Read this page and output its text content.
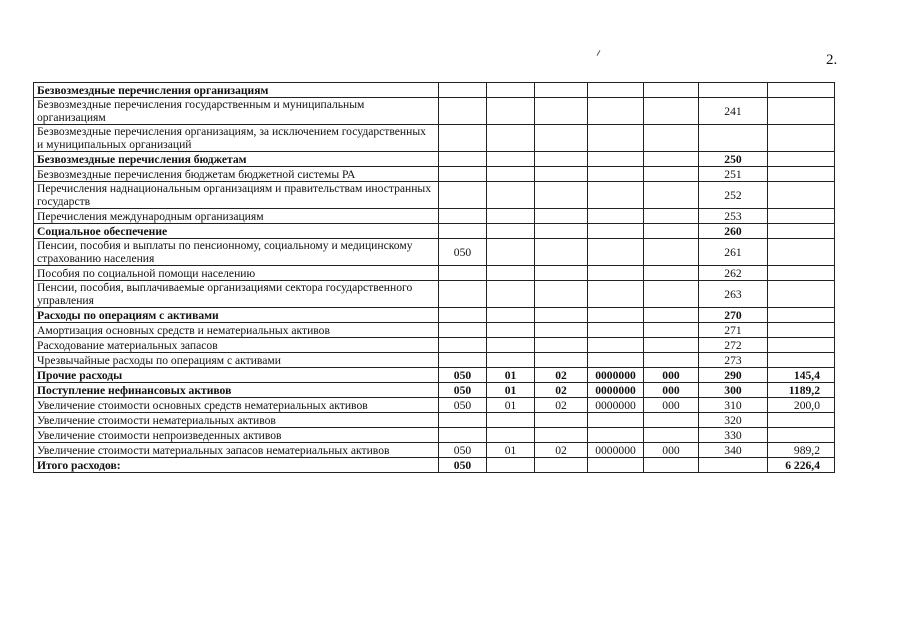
2.
Безвозмездные перечисления организациям							
Безвозмездные перечисления государственным и муниципальным организациям						241	
Безвозмездные перечисления организациям, за исключением государственных и муниципальных организаций							
Безвозмездные перечисления бюджетам						250	
Безвозмездные перечисления бюджетам бюджетной системы РА						251	
Перечисления наднациональным организациям и правительствам иностранных государств						252	
Перечисления международным организациям						253	
Социальное обеспечение						260	
Пенсии, пособия и выплаты по пенсионному, социальному и медицинскому страхованию населения	050					261	
Пособия по социальной помощи населению						262	
Пенсии, пособия, выплачиваемые организациями сектора государственного управления						263	
Расходы по операциям с активами						270	
Амортизация основных средств и нематериальных активов						271	
Расходование материальных запасов						272	
Чрезвычайные расходы по операциям с активами						273	
Прочие расходы	050	01	02	0000000	000	290	145,4
Поступление нефинансовых активов	050	01	02	0000000	000	300	1189,2
Увеличение стоимости основных средств нематериальных активов	050	01	02	0000000	000	310	200,0
Увеличение стоимости нематериальных активов						320	
Увеличение стоимости непроизведенных активов						330	
Увеличение стоимости материальных запасов нематериальных активов	050	01	02	0000000	000	340	989,2
Итого расходов:	050						6 226,4
